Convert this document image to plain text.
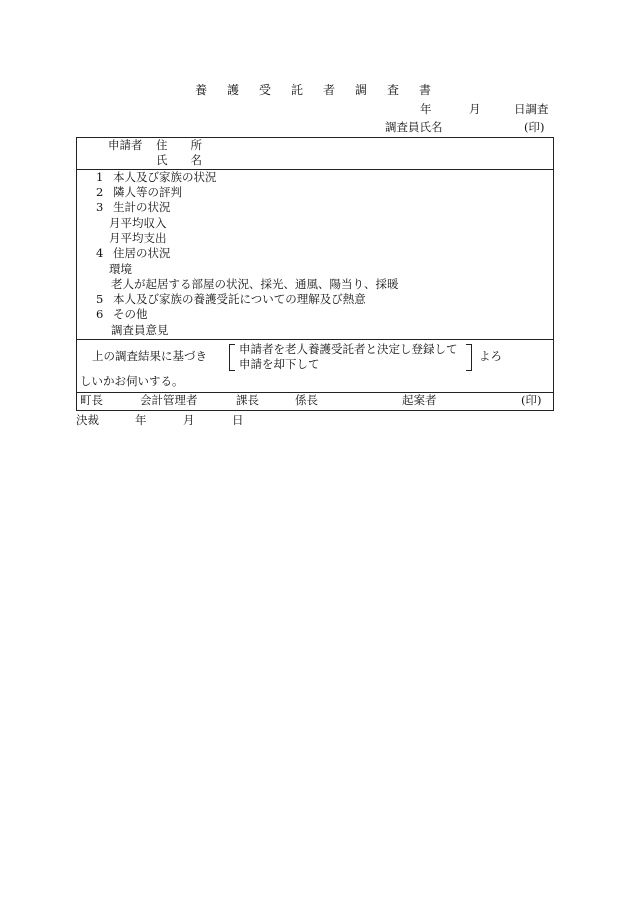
養護受託者調査書
年	月	日調査
調査員氏名	(印)
申請者 住　　所
氏　　名
1 本人及び家族の状況
2 隣人等の評判
3 生計の状況
月平均収入
月平均支出
4 住居の状況
環境
老人が起居する部屋の状況、採光、通風、陽当り、採暖
5 本人及び家族の養護受託についての理解及び熱意
6 その他
調査員意見
上の調査結果に基づき	申請者を老人養護受託者と決定し登録して
申請を却下して
よろ
しいかお伺いする。
町長	会計管理者	課長	係長	起案者	(印)
決裁	年	月	日
